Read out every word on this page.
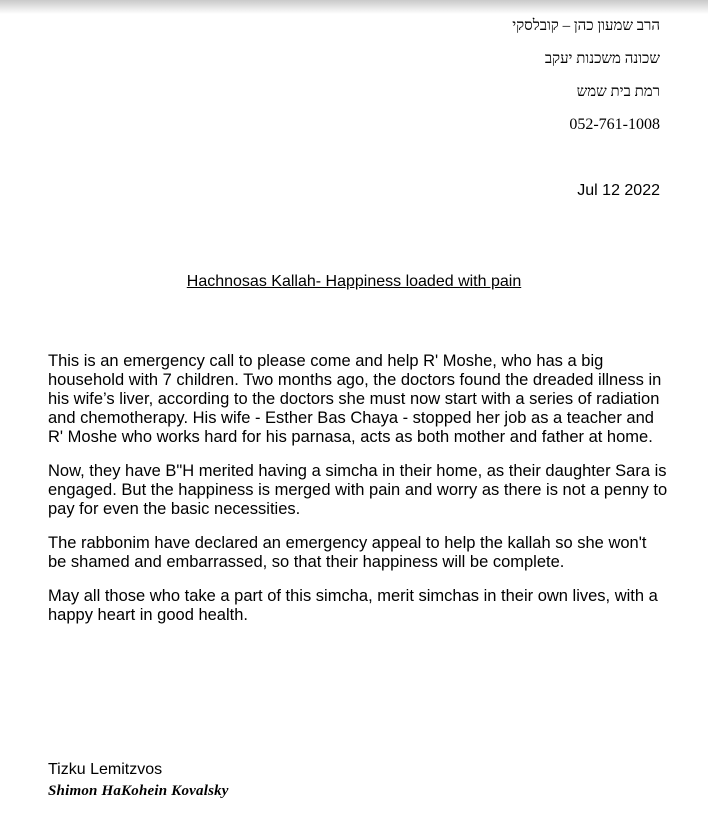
הרב שמעון כהן – קובלסקי
שכונה משכנות יעקב
רמת בית שמש
052-761-1008
Jul 12 2022
Hachnosas Kallah- Happiness loaded with pain

This is an emergency call to please come and help R' Moshe, who has a big household with 7 children. Two months ago, the doctors found the dreaded illness in his wife’s liver, according to the doctors she must now start with a series of radiation and chemotherapy. His wife - Esther Bas Chaya - stopped her job as a teacher and R' Moshe who works hard for his parnasa, acts as both mother and father at home.

Now, they have B"H merited having a simcha in their home, as their daughter Sara is engaged. But the happiness is merged with pain and worry as there is not a penny to pay for even the basic necessities.

The rabbonim have declared an emergency appeal to help the kallah so she won't be shamed and embarrassed, so that their happiness will be complete.

May all those who take a part of this simcha, merit simchas in their own lives, with a happy heart in good health.

Tizku Lemitzvos
Shimon HaKohein Kovalsky
